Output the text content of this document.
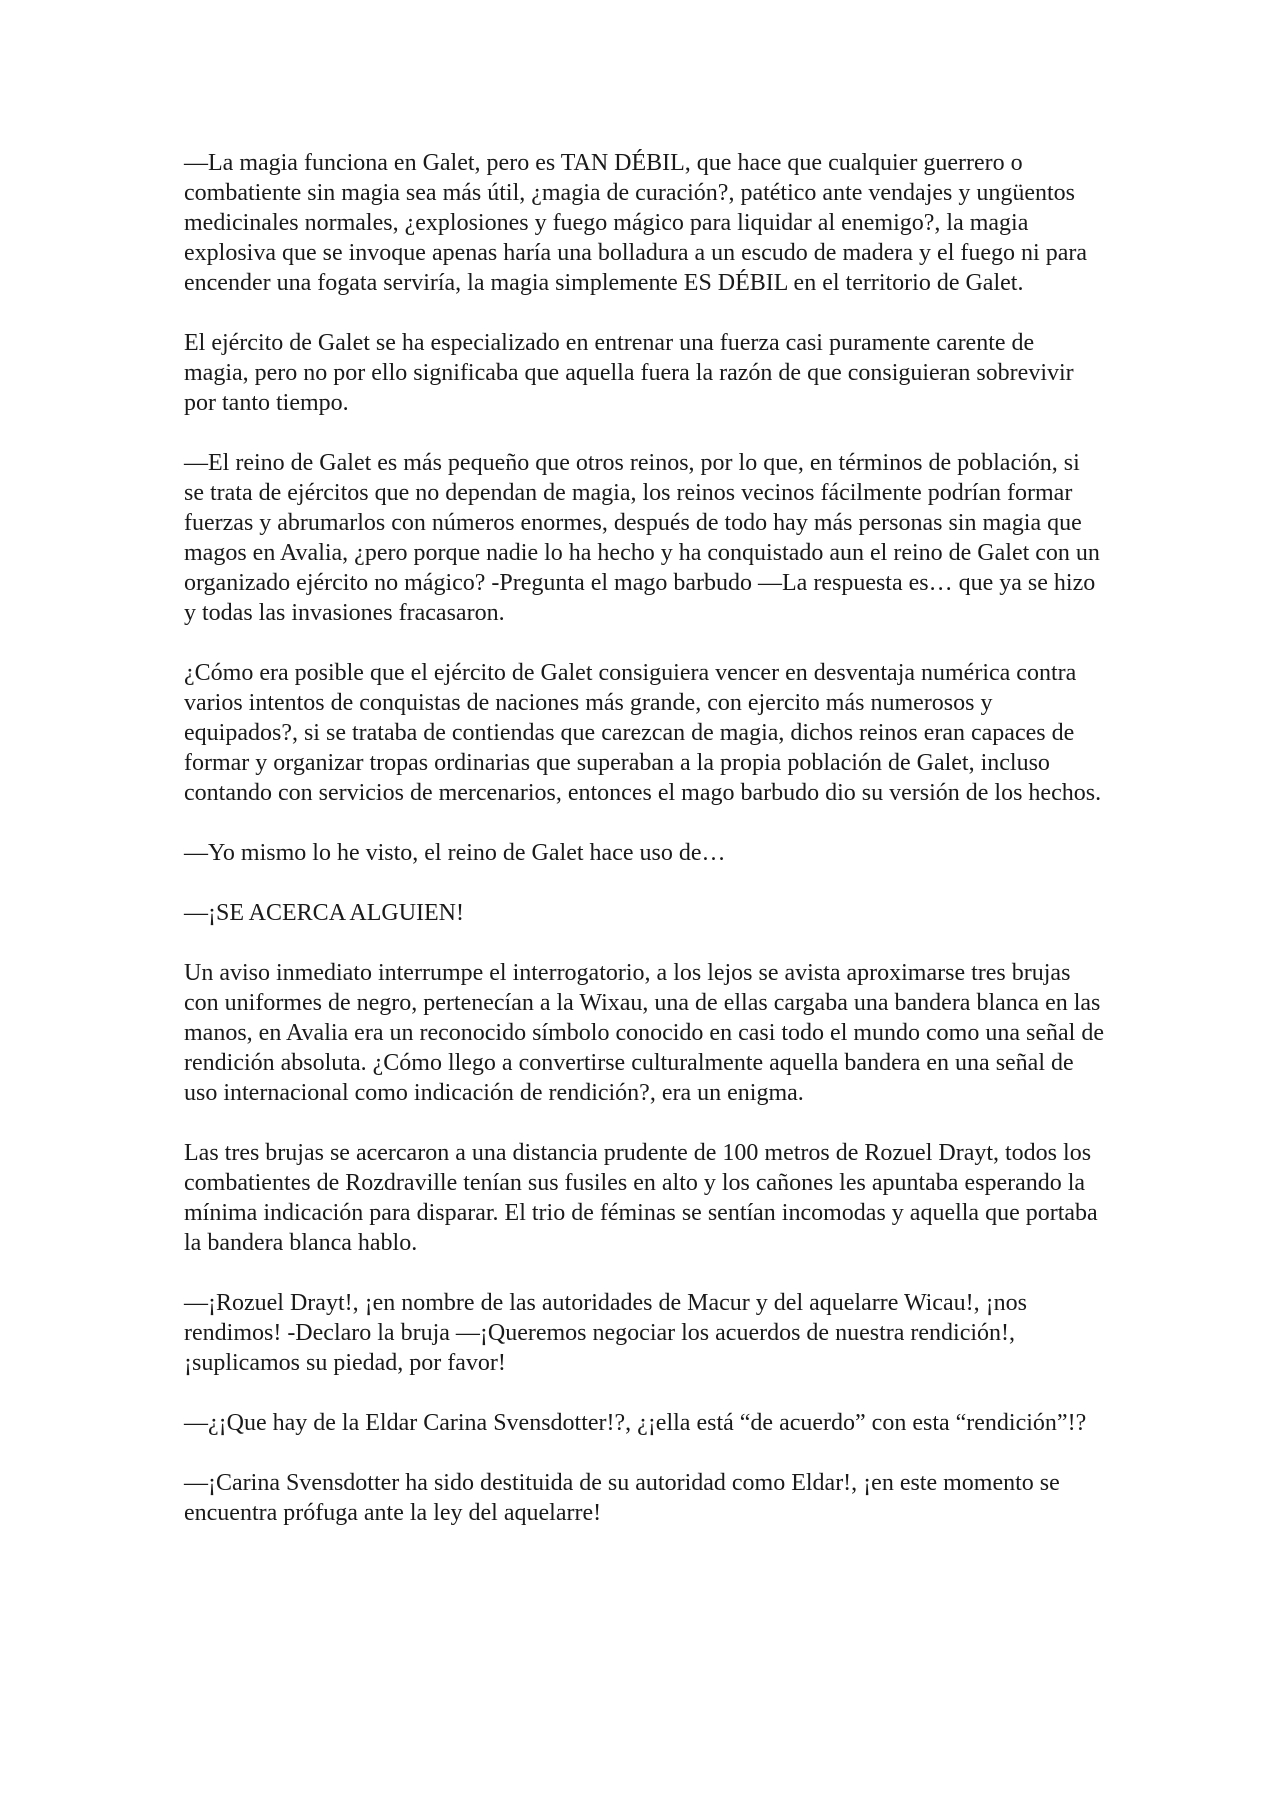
—La magia funciona en Galet, pero es TAN DÉBIL, que hace que cualquier guerrero o combatiente sin magia sea más útil, ¿magia de curación?, patético ante vendajes y ungüentos medicinales normales, ¿explosiones y fuego mágico para liquidar al enemigo?, la magia explosiva que se invoque apenas haría una bolladura a un escudo de madera y el fuego ni para encender una fogata serviría, la magia simplemente ES DÉBIL en el territorio de Galet.

El ejército de Galet se ha especializado en entrenar una fuerza casi puramente carente de magia, pero no por ello significaba que aquella fuera la razón de que consiguieran sobrevivir por tanto tiempo.

—El reino de Galet es más pequeño que otros reinos, por lo que, en términos de población, si se trata de ejércitos que no dependan de magia, los reinos vecinos fácilmente podrían formar fuerzas y abrumarlos con números enormes, después de todo hay más personas sin magia que magos en Avalia, ¿pero porque nadie lo ha hecho y ha conquistado aun el reino de Galet con un organizado ejército no mágico? -Pregunta el mago barbudo —La respuesta es… que ya se hizo y todas las invasiones fracasaron.

¿Cómo era posible que el ejército de Galet consiguiera vencer en desventaja numérica contra varios intentos de conquistas de naciones más grande, con ejercito más numerosos y equipados?, si se trataba de contiendas que carezcan de magia, dichos reinos eran capaces de formar y organizar tropas ordinarias que superaban a la propia población de Galet, incluso contando con servicios de mercenarios, entonces el mago barbudo dio su versión de los hechos.

—Yo mismo lo he visto, el reino de Galet hace uso de…

—¡SE ACERCA ALGUIEN!

Un aviso inmediato interrumpe el interrogatorio, a los lejos se avista aproximarse tres brujas con uniformes de negro, pertenecían a la Wixau, una de ellas cargaba una bandera blanca en las manos, en Avalia era un reconocido símbolo conocido en casi todo el mundo como una señal de rendición absoluta. ¿Cómo llego a convertirse culturalmente aquella bandera en una señal de uso internacional como indicación de rendición?, era un enigma.

Las tres brujas se acercaron a una distancia prudente de 100 metros de Rozuel Drayt, todos los combatientes de Rozdraville tenían sus fusiles en alto y los cañones les apuntaba esperando la mínima indicación para disparar. El trio de féminas se sentían incomodas y aquella que portaba la bandera blanca hablo.

—¡Rozuel Drayt!, ¡en nombre de las autoridades de Macur y del aquelarre Wicau!, ¡nos rendimos! -Declaro la bruja —¡Queremos negociar los acuerdos de nuestra rendición!, ¡suplicamos su piedad, por favor!

—¿¡Que hay de la Eldar Carina Svensdotter!?, ¿¡ella está “de acuerdo” con esta “rendición”!?

—¡Carina Svensdotter ha sido destituida de su autoridad como Eldar!, ¡en este momento se encuentra prófuga ante la ley del aquelarre!
